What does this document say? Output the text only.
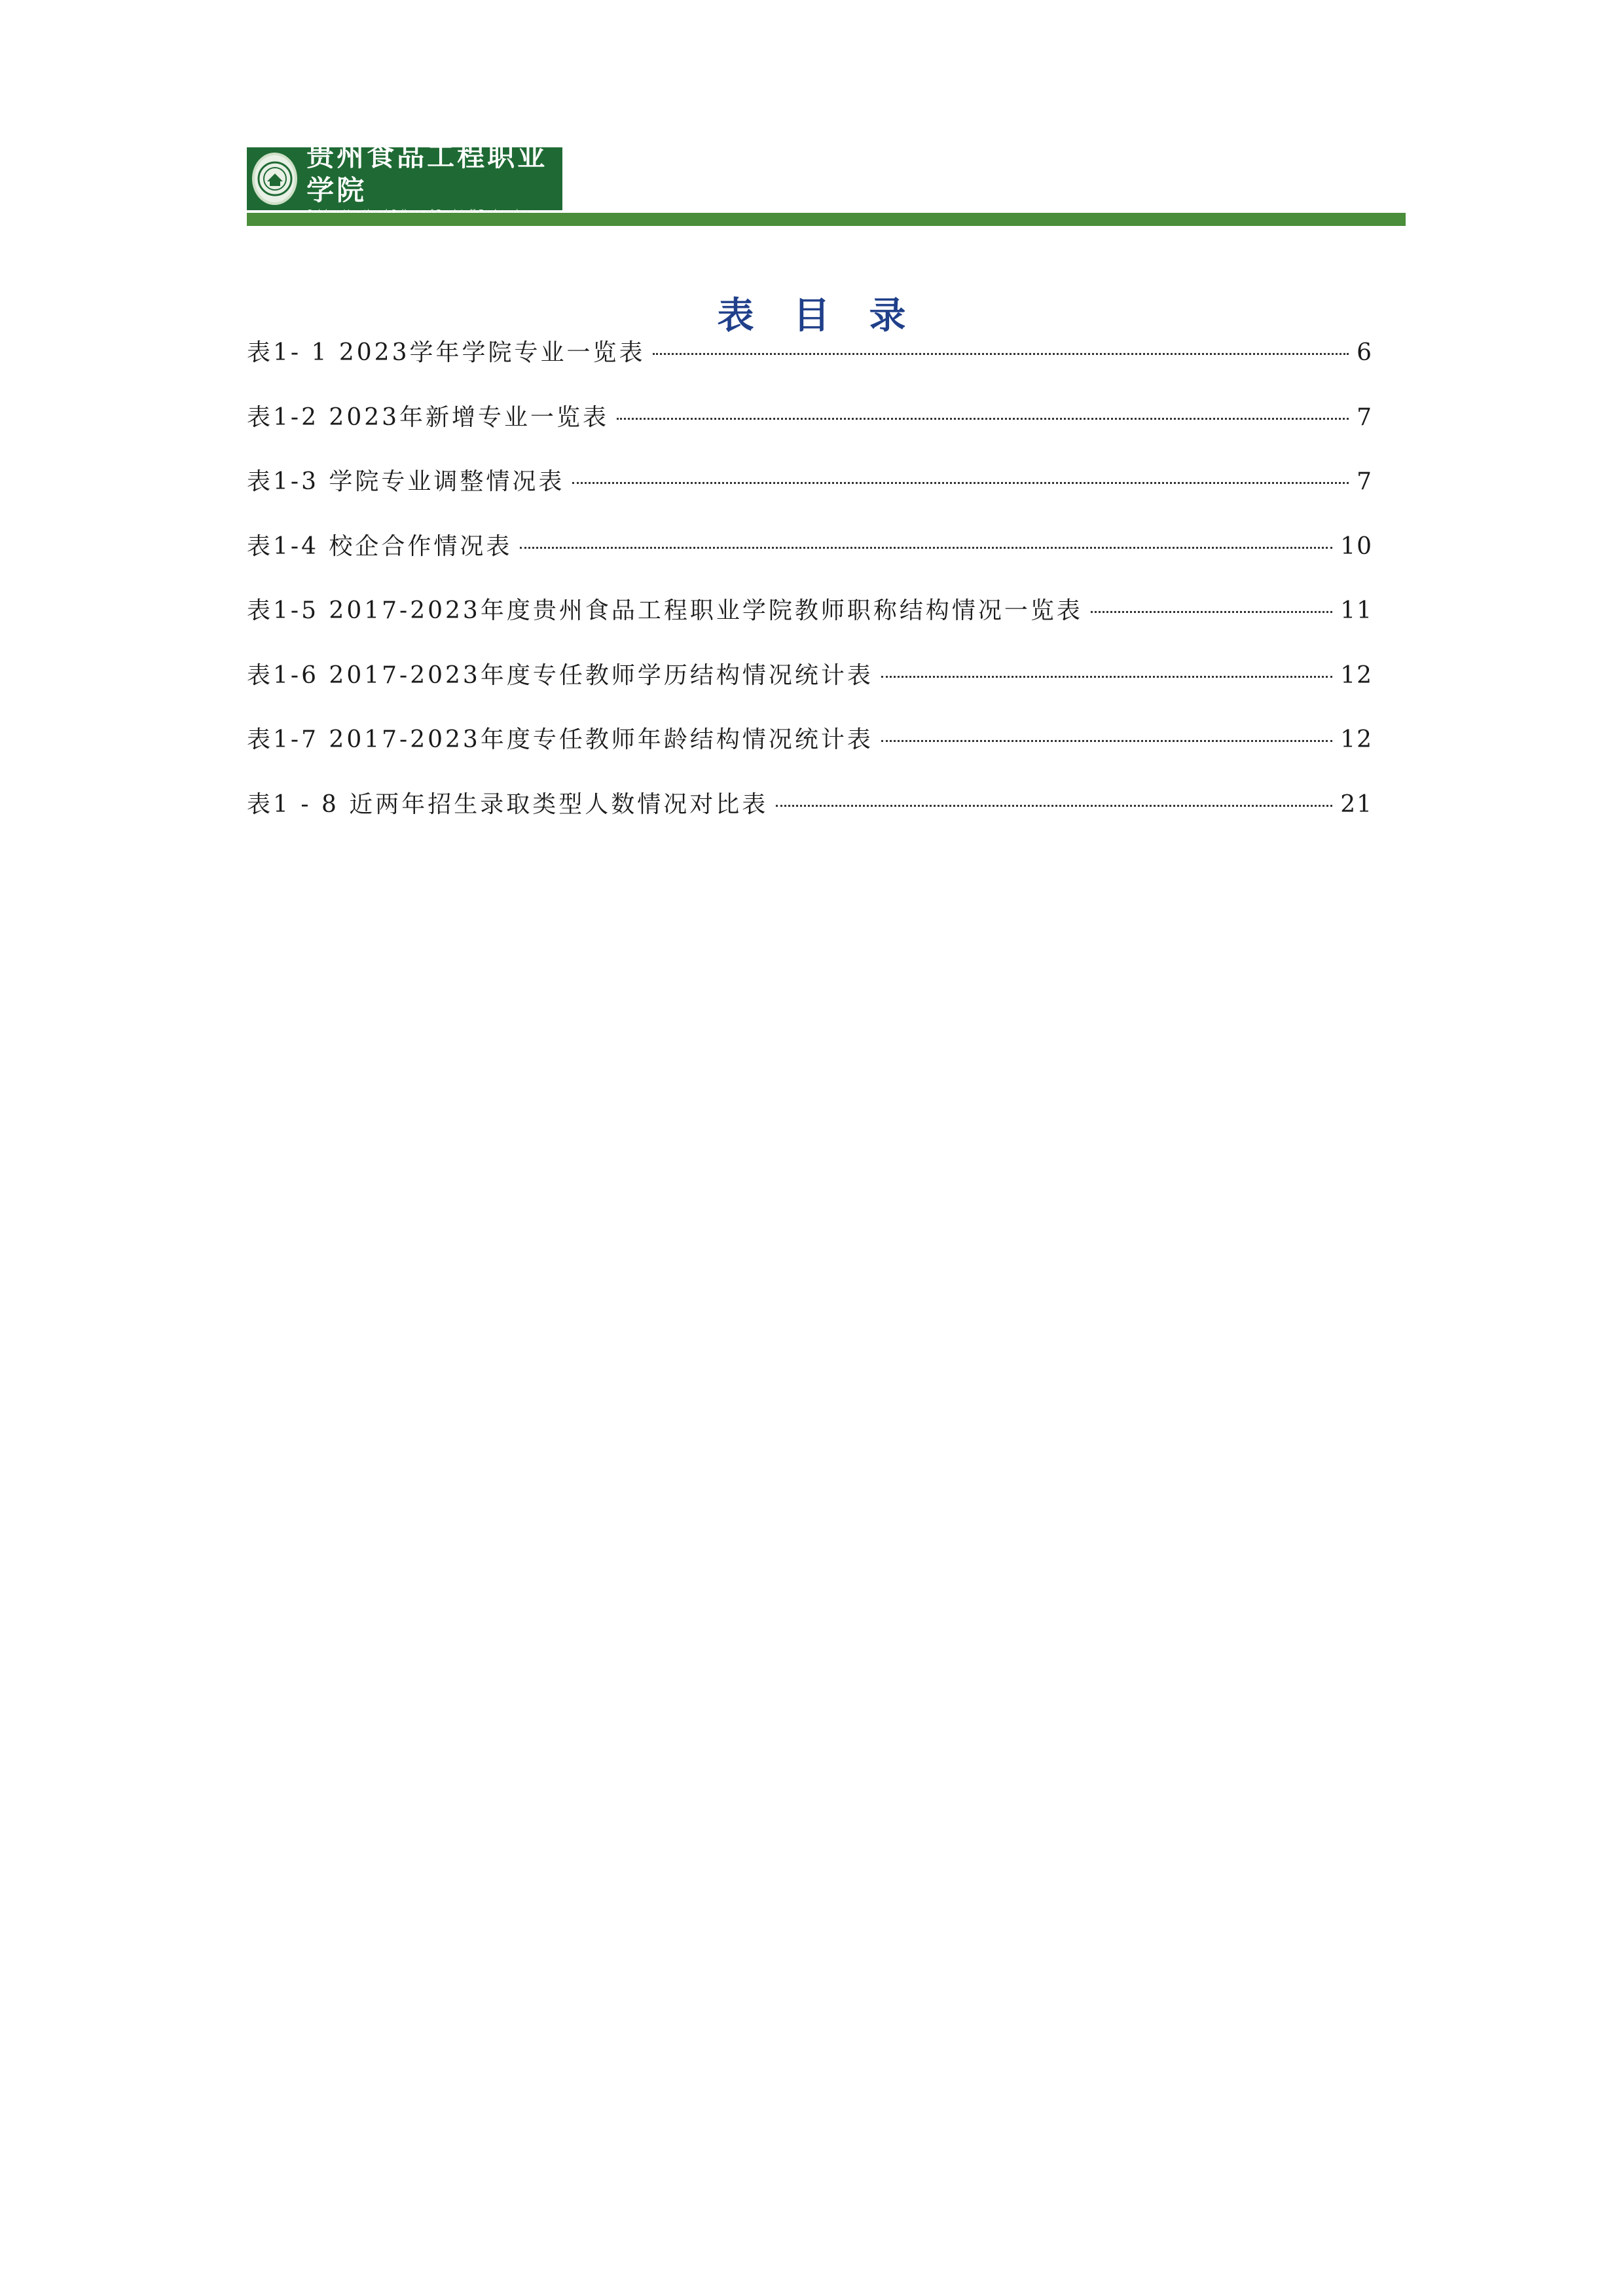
贵州食品工程职业学院
表目录
表1- 1 2023学年学院专业一览表	6
表1-2 2023年新增专业一览表	7
表1-3 学院专业调整情况表	7
表1-4 校企合作情况表	10
表1-5 2017-2023年度贵州食品工程职业学院教师职称结构情况一览表	11
表1-6 2017-2023年度专任教师学历结构情况统计表	12
表1-7 2017-2023年度专任教师年龄结构情况统计表	12
表1 - 8 近两年招生录取类型人数情况对比表	21
